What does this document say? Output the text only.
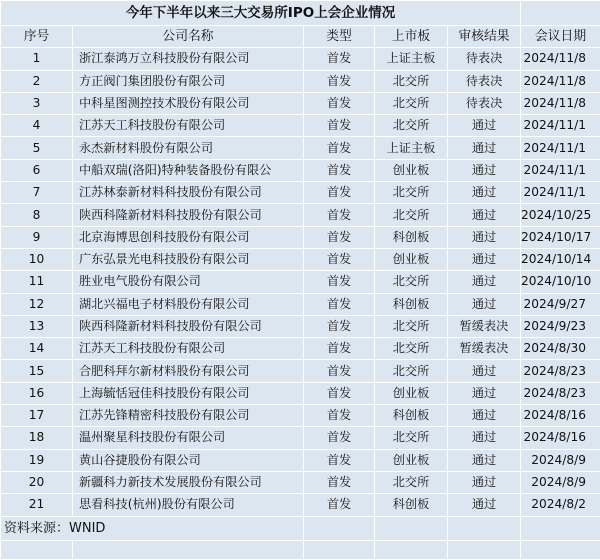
今年下半年以来三大交易所IPO上会企业情况					
序号	公司名称	类型	上市板	审核结果	会议日期
1	浙江泰鸿万立科技股份有限公司	首发	上证主板	待表决	2024/11/8
2	方正阀门集团股份有限公司	首发	北交所	待表决	2024/11/8
3	中科星图测控技术股份有限公司	首发	北交所	待表决	2024/11/8
4	江苏天工科技股份有限公司	首发	北交所	通过	2024/11/1
5	永杰新材料股份有限公司	首发	上证主板	通过	2024/11/1
6	中船双瑞(洛阳)特种装备股份有限公	首发	创业板	通过	2024/11/1
7	江苏林泰新材料科技股份有限公司	首发	北交所	通过	2024/11/1
8	陕西科隆新材料科技股份有限公司	首发	北交所	通过	2024/10/25
9	北京海博思创科技股份有限公司	首发	科创板	通过	2024/10/17
10	广东弘景光电科技股份有限公司	首发	创业板	通过	2024/10/14
11	胜业电气股份有限公司	首发	北交所	通过	2024/10/10
12	湖北兴福电子材料股份有限公司	首发	科创板	通过	2024/9/27
13	陕西科隆新材料科技股份有限公司	首发	北交所	暂缓表决	2024/9/23
14	江苏天工科技股份有限公司	首发	北交所	暂缓表决	2024/8/30
15	合肥科拜尔新材料股份有限公司	首发	北交所	通过	2024/8/23
16	上海毓恬冠佳科技股份有限公司	首发	创业板	通过	2024/8/23
17	江苏先锋精密科技股份有限公司	首发	科创板	通过	2024/8/16
18	温州聚星科技股份有限公司	首发	北交所	通过	2024/8/16
19	黄山谷捷股份有限公司	首发	创业板	通过	2024/8/9
20	新疆科力新技术发展股份有限公司	首发	北交所	通过	2024/8/9
21	思看科技(杭州)股份有限公司	首发	科创板	通过	2024/8/2
资料来源：WNID					
